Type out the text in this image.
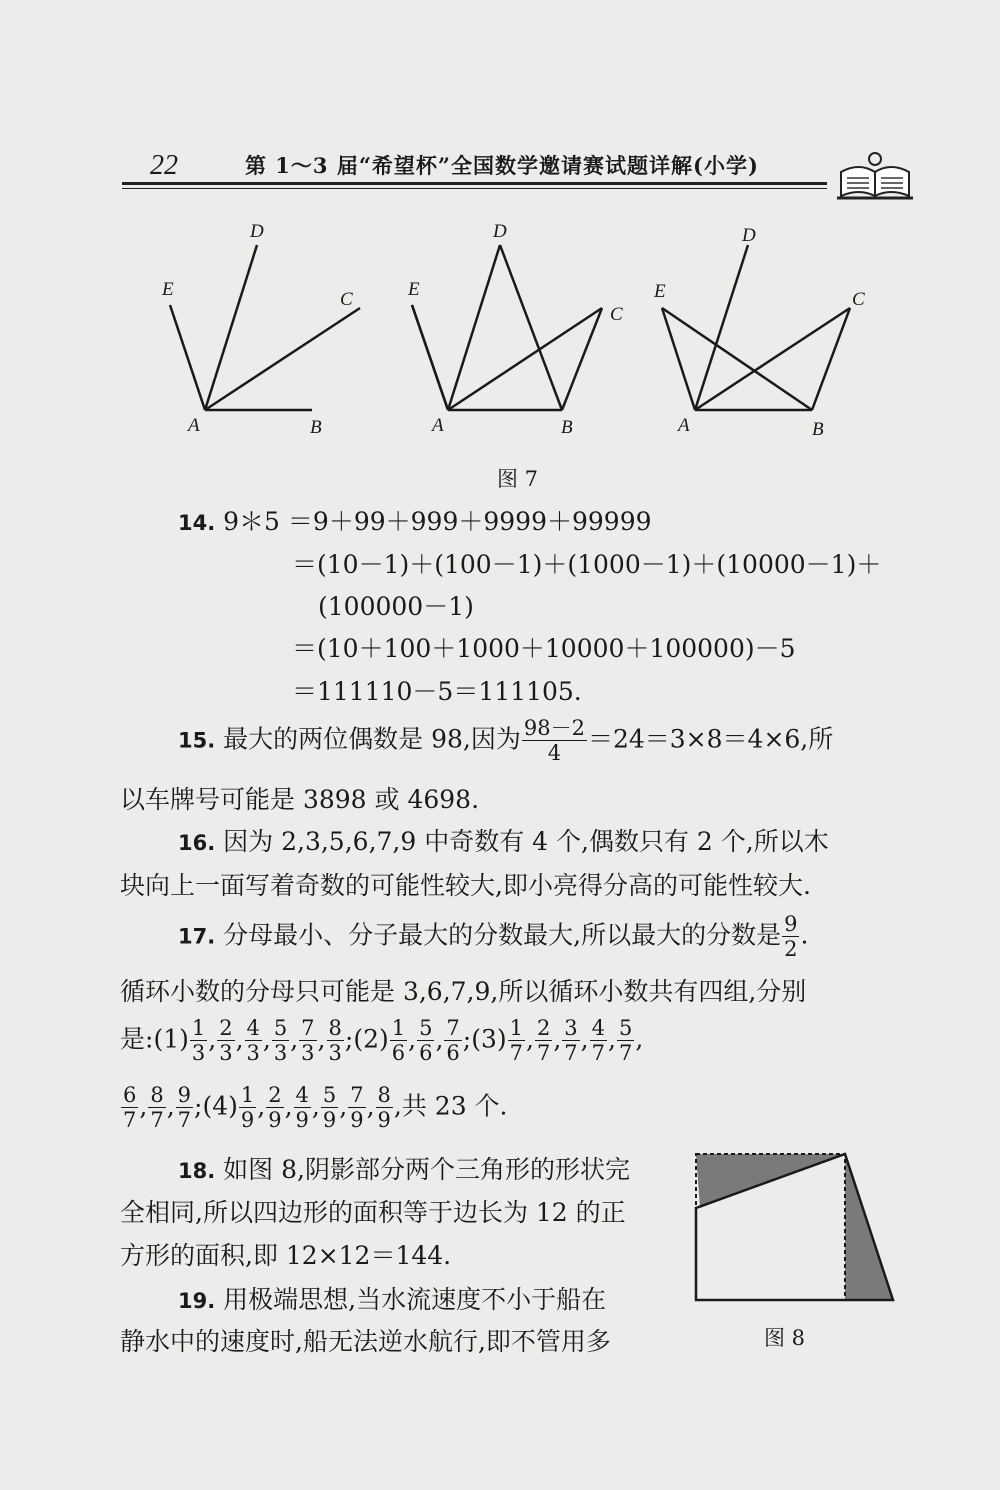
22	第 1～3 届“希望杯”全国数学邀请赛试题详解(小学)
D
E	C
A	B
D
E
C
A	B
D
E	C
A	B
图 7
14. 9＊5 ＝9＋99＋999＋9999＋99999
＝(10－1)＋(100－1)＋(1000－1)＋(10000－1)＋
(100000－1)
＝(10＋100＋1000＋10000＋100000)－5
＝111110－5＝111105.
15. 最大的两位偶数是 98,因为 $\frac{98-2}{4} =24=3\times 8=4\times 6$,所
以车牌号可能是 3898 或 4698.
16. 因为 2,3,5,6,7,9 中奇数有 4 个,偶数只有 2 个,所以木
块向上一面写着奇数的可能性较大,即小亮得分高的可能性较大.
17. 分母最小、分子最大的分数最大,所以最大的分数是 $\frac{9}{2}$ .
循环小数的分母只可能是 3,6,7,9,所以循环小数共有四组,分别
是:(1) $\frac{1}{3}$ , $\frac{2}{3}$ , $\frac{4}{3}$ , $\frac{5}{3}$ , $\frac{7}{3}$ , $\frac{8}{3}$ ;(2) $\frac{1}{6}$ , $\frac{5}{6}$ , $\frac{7}{6}$ ;(3) $\frac{1}{7}$ , $\frac{2}{7}$ , $\frac{3}{7}$ , $\frac{4}{7}$ , $\frac{5}{7}$ ,
$\frac{6}{7}$ , $\frac{8}{7}$ , $\frac{9}{7}$ ;(4) $\frac{1}{9}$ , $\frac{2}{9}$ , $\frac{4}{9}$ , $\frac{5}{9}$ , $\frac{7}{9}$ , $\frac{8}{9}$ ,共 23 个.
18. 如图 8,阴影部分两个三角形的形状完
全相同,所以四边形的面积等于边长为 12 的正
方形的面积,即 12×12＝144.
19. 用极端思想,当水流速度不小于船在
静水中的速度时,船无法逆水航行,即不管用多	图 8
